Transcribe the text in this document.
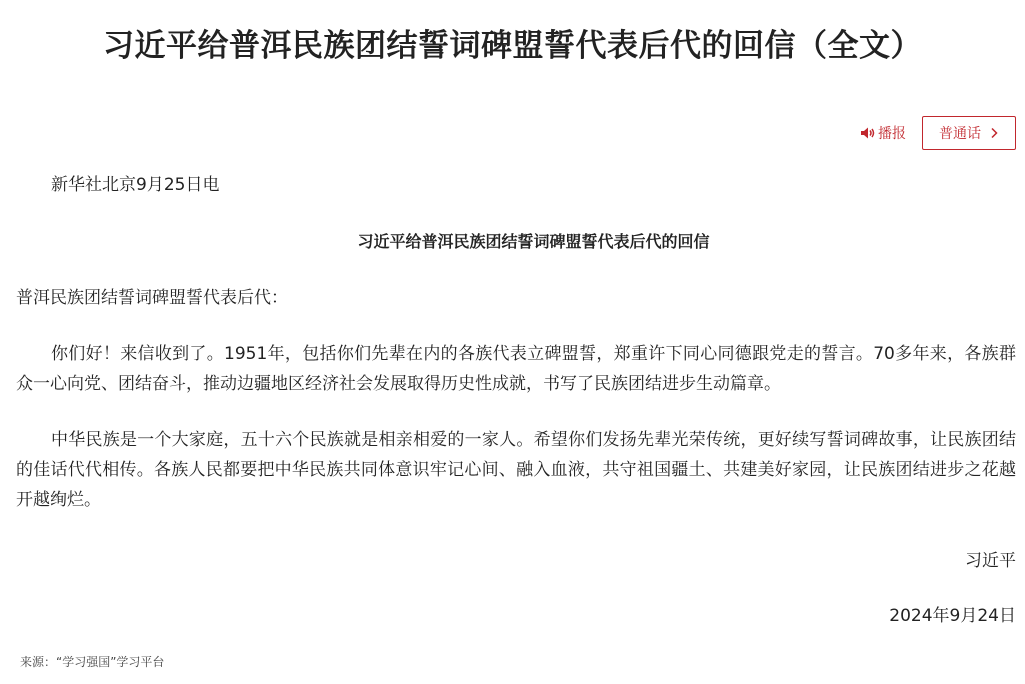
习近平给普洱民族团结誓词碑盟誓代表后代的回信（全文）
播报 普通话
新华社北京9月25日电
习近平给普洱民族团结誓词碑盟誓代表后代的回信
普洱民族团结誓词碑盟誓代表后代：

你们好！来信收到了。1951年，包括你们先辈在内的各族代表立碑盟誓，郑重许下同心同德跟党走的誓言。70多年来，各族群众一心向党、团结奋斗，推动边疆地区经济社会发展取得历史性成就，书写了民族团结进步生动篇章。

中华民族是一个大家庭，五十六个民族就是相亲相爱的一家人。希望你们发扬先辈光荣传统，更好续写誓词碑故事，让民族团结的佳话代代相传。各族人民都要把中华民族共同体意识牢记心间、融入血液，共守祖国疆土、共建美好家园，让民族团结进步之花越开越绚烂。

习近平
2024年9月24日
来源：“学习强国”学习平台
